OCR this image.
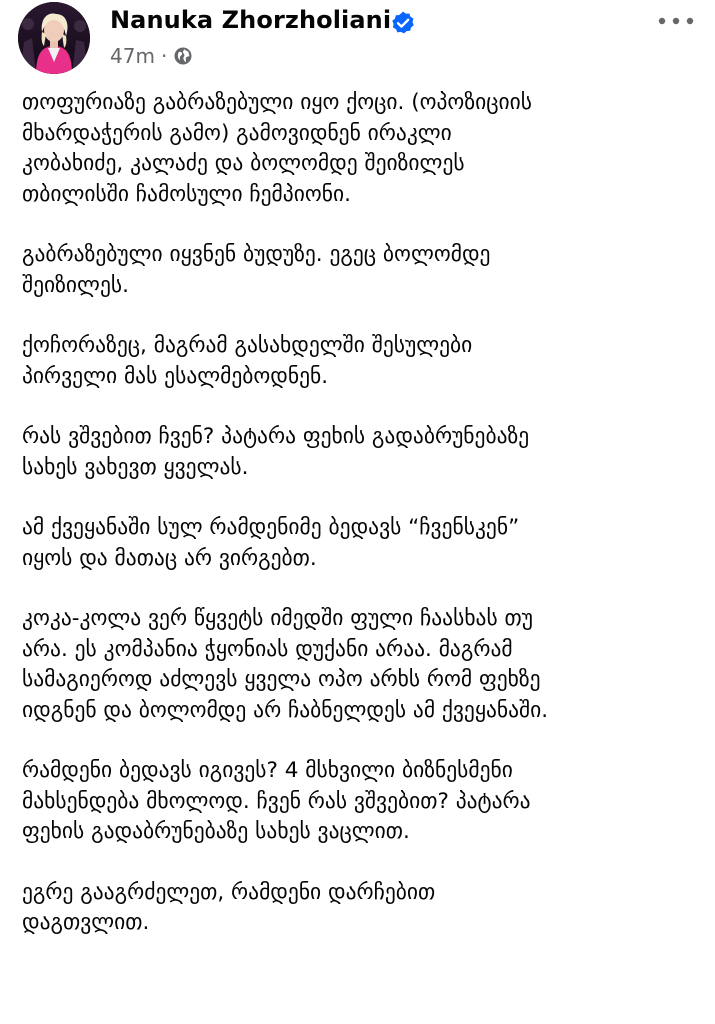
Nanuka Zhorzholiani
47m ·

თოფურიაზე გაბრაზებული იყო ქოცი. (ოპოზიციის
მხარდაჭერის გამო) გამოვიდნენ ირაკლი
კობახიძე, კალაძე და ბოლომდე შეიზილეს
თბილისში ჩამოსული ჩემპიონი.

გაბრაზებული იყვნენ ბუდუზე. ეგეც ბოლომდე
შეიზილეს.

ქოჩორაზეც, მაგრამ გასახდელში შესულები
პირველი მას ესალმებოდნენ.

რას ვშვებით ჩვენ? პატარა ფეხის გადაბრუნებაზე
სახეს ვახევთ ყველას.

ამ ქვეყანაში სულ რამდენიმე ბედავს “ჩვენსკენ”
იყოს და მათაც არ ვირგებთ.

კოკა-კოლა ვერ წყვეტს იმედში ფული ჩაასხას თუ
არა. ეს კომპანია ჭყონიას დუქანი არაა. მაგრამ
სამაგიეროდ აძლევს ყველა ოპო არხს რომ ფეხზე
იდგნენ და ბოლომდე არ ჩაბნელდეს ამ ქვეყანაში.

რამდენი ბედავს იგივეს? 4 მსხვილი ბიზნესმენი
მახსენდება მხოლოდ. ჩვენ რას ვშვებით? პატარა
ფეხის გადაბრუნებაზე სახეს ვაცლით.

ეგრე გააგრძელეთ, რამდენი დარჩებით
დაგთვლით.
